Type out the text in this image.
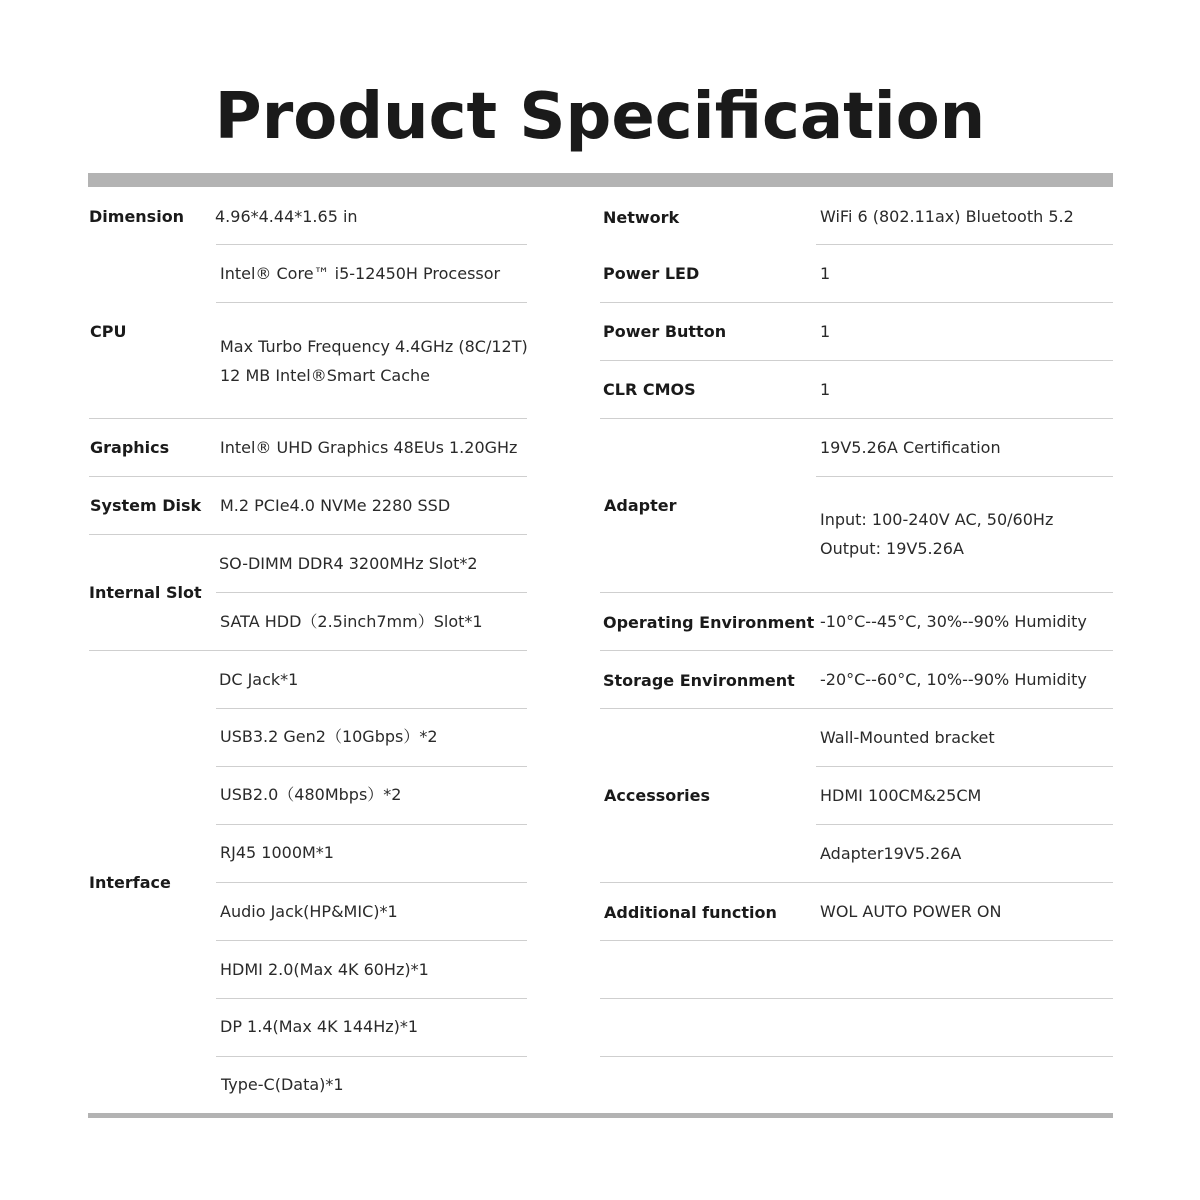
Product Specification
Dimension 4.96*4.44*1.65 in
CPU
Intel® Core™ i5-12450H Processor
Max Turbo Frequency 4.4GHz (8C/12T)
12 MB Intel®Smart Cache
Graphics	Intel® UHD Graphics 48EUs 1.20GHz
System Disk M.2 PCIe4.0 NVMe 2280 SSD
Internal Slot
SO-DIMM DDR4 3200MHz Slot*2
SATA HDD（2.5inch7mm）Slot*1
Interface
DC Jack*1
USB3.2 Gen2（10Gbps）*2
USB2.0（480Mbps）*2
RJ45 1000M*1
Audio Jack(HP&MIC)*1
HDMI 2.0(Max 4K 60Hz)*1
DP 1.4(Max 4K 144Hz)*1
Type-C(Data)*1
Network	WiFi 6 (802.11ax) Bluetooth 5.2
Power LED	1
Power Button	1
CLR CMOS	1
Adapter
19V5.26A Certification
Input: 100-240V AC, 50/60Hz
Output: 19V5.26A
Operating Environment -10°C--45°C, 30%--90% Humidity
Storage Environment -20°C--60°C, 10%--90% Humidity
Accessories
Wall-Mounted bracket
HDMI 100CM&25CM
Adapter19V5.26A
Additional function	WOL AUTO POWER ON
